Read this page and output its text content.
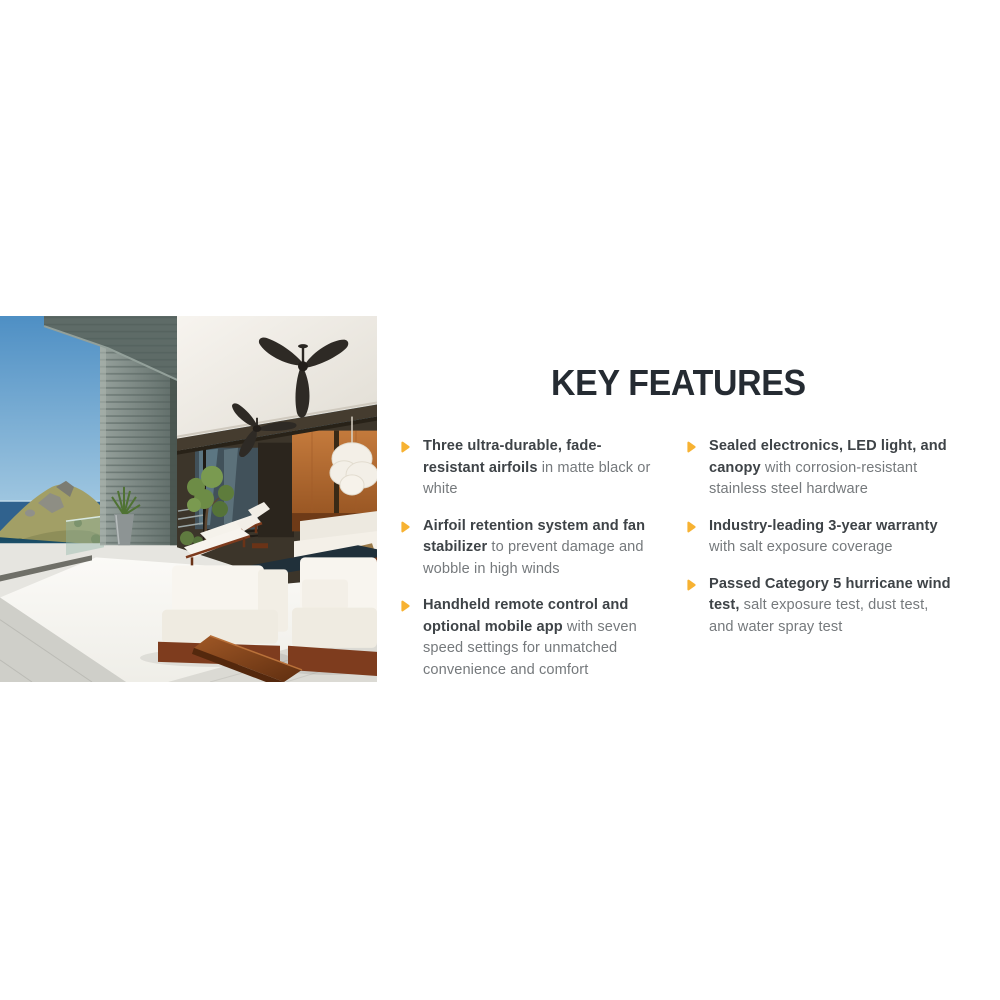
KEY FEATURES

Three ultra-durable, fade-resistant airfoils in matte black or white

Airfoil retention system and fan stabilizer to prevent damage and wobble in high winds

Handheld remote control and optional mobile app with seven speed settings for unmatched convenience and comfort

Sealed electronics, LED light, and canopy with corrosion-resistant stainless steel hardware

Industry-leading 3-year warranty with salt exposure coverage

Passed Category 5 hurricane wind test, salt exposure test, dust test, and water spray test
